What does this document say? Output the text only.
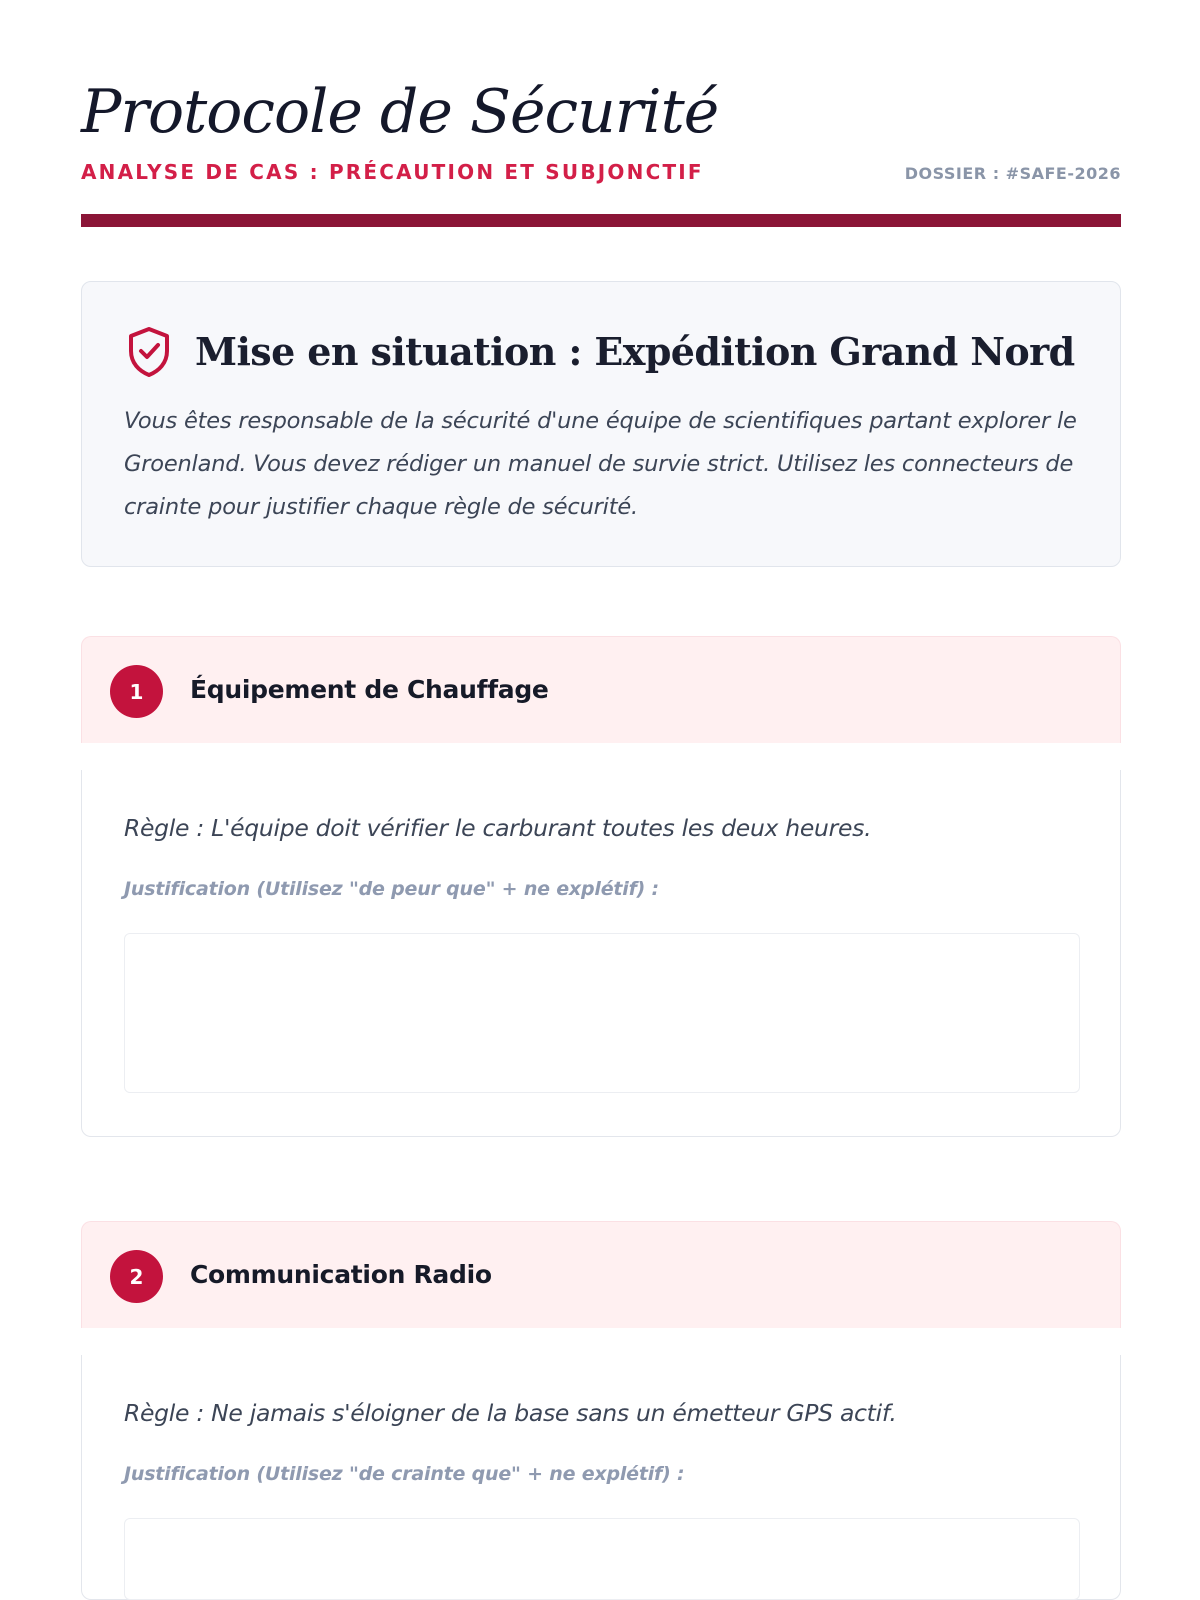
Protocole de Sécurité
ANALYSE DE CAS : PRÉCAUTION ET SUBJONCTIF	DOSSIER : #SAFE-2026
Mise en situation : Expédition Grand Nord

Vous êtes responsable de la sécurité d'une équipe de scientifiques partant explorer le Groenland. Vous devez rédiger un manuel de survie strict. Utilisez les connecteurs de crainte pour justifier chaque règle de sécurité.

1	Équipement de Chauffage

Règle : L'équipe doit vérifier le carburant toutes les deux heures.

Justification (Utilisez "de peur que" + ne explétif) :
2	Communication Radio

Règle : Ne jamais s'éloigner de la base sans un émetteur GPS actif.

Justification (Utilisez "de crainte que" + ne explétif) :
